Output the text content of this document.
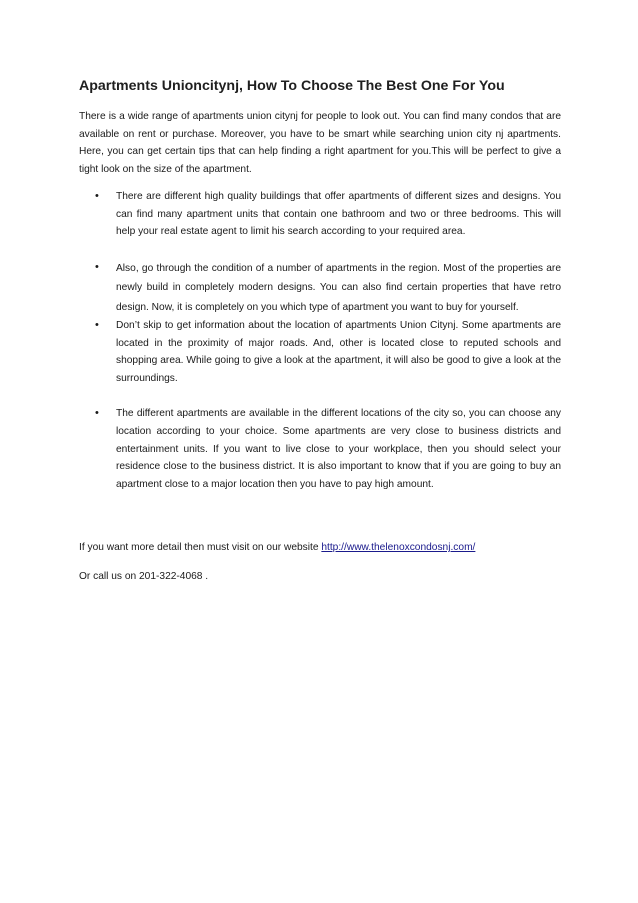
Apartments Unioncitynj, How To Choose The Best One For You
There is a wide range of apartments union citynj for people to look out. You can find many condos that are available on rent or purchase. Moreover, you have to be smart while searching union city nj apartments. Here, you can get certain tips that can help finding a right apartment for you.This will be perfect to give a tight look on the size of the apartment.
•	There are different high quality buildings that offer apartments of different sizes and designs. You can find many apartment units that contain one bathroom and two or three bedrooms. This will help your real estate agent to limit his search according to your required area.
•	Also, go through the condition of a number of apartments in the region. Most of the properties are newly build in completely modern designs. You can also find certain properties that have retro design. Now, it is completely on you which type of apartment you want to buy for yourself.
•	Don’t skip to get information about the location of apartments Union Citynj. Some apartments are located in the proximity of major roads. And, other is located close to reputed schools and shopping area. While going to give a look at the apartment, it will also be good to give a look at the surroundings.
•	The different apartments are available in the different locations of the city so, you can choose any location according to your choice. Some apartments are very close to business districts and entertainment units. If you want to live close to your workplace, then you should select your residence close to the business district. It is also important to know that if you are going to buy an apartment close to a major location then you have to pay high amount.
If you want more detail then must visit on our website http://www.thelenoxcondosnj.com/
Or call us on 201-322-4068 .
